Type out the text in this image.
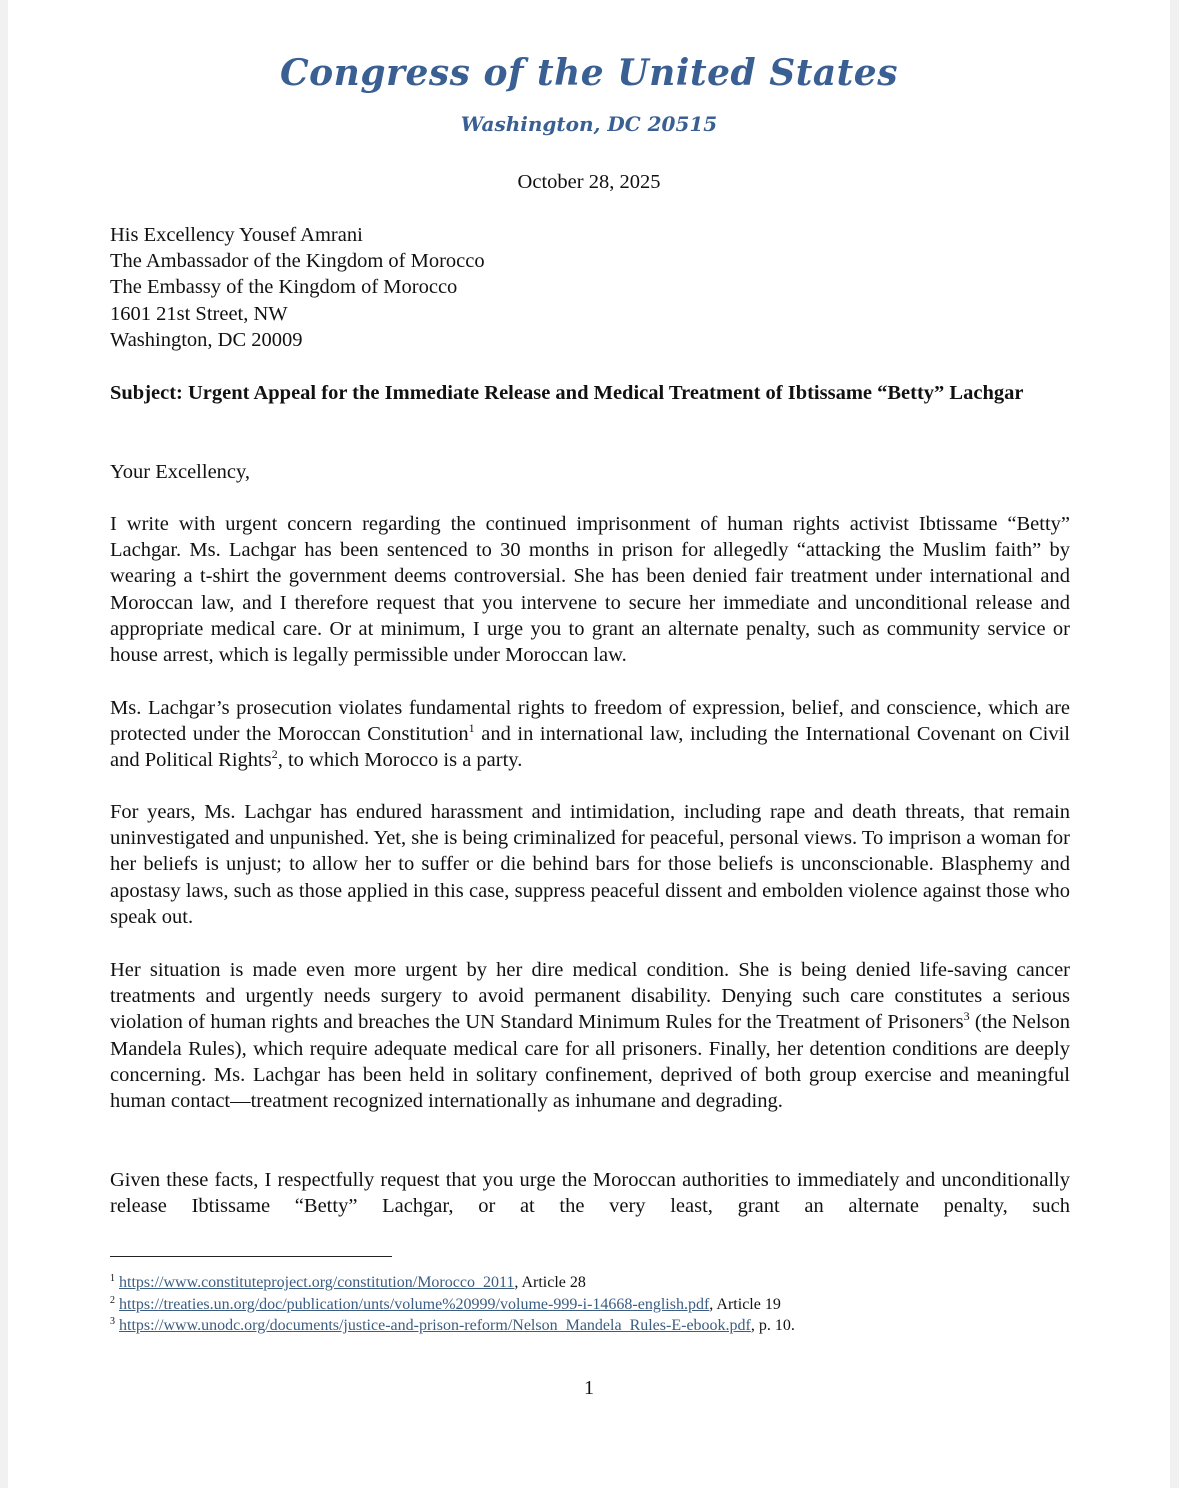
Congress of the United States
Washington, DC 20515
October 28, 2025
His Excellency Yousef Amrani
The Ambassador of the Kingdom of Morocco
The Embassy of the Kingdom of Morocco
1601 21st Street, NW
Washington, DC 20009
Subject: Urgent Appeal for the Immediate Release and Medical Treatment of Ibtissame “Betty” Lachgar
Your Excellency,
I write with urgent concern regarding the continued imprisonment of human rights activist Ibtissame “Betty” Lachgar. Ms. Lachgar has been sentenced to 30 months in prison for allegedly “attacking the Muslim faith” by wearing a t-shirt the government deems controversial. She has been denied fair treatment under international and Moroccan law, and I therefore request that you intervene to secure her immediate and unconditional release and appropriate medical care. Or at minimum, I urge you to grant an alternate penalty, such as community service or house arrest, which is legally permissible under Moroccan law.
Ms. Lachgar’s prosecution violates fundamental rights to freedom of expression, belief, and conscience, which are protected under the Moroccan Constitution$^1$ and in international law, including the International Covenant on Civil and Political Rights$^2$, to which Morocco is a party.
For years, Ms. Lachgar has endured harassment and intimidation, including rape and death threats, that remain uninvestigated and unpunished. Yet, she is being criminalized for peaceful, personal views. To imprison a woman for her beliefs is unjust; to allow her to suffer or die behind bars for those beliefs is unconscionable. Blasphemy and apostasy laws, such as those applied in this case, suppress peaceful dissent and embolden violence against those who speak out.
Her situation is made even more urgent by her dire medical condition. She is being denied life-saving cancer treatments and urgently needs surgery to avoid permanent disability. Denying such care constitutes a serious violation of human rights and breaches the UN Standard Minimum Rules for the Treatment of Prisoners$^3$ (the Nelson Mandela Rules), which require adequate medical care for all prisoners. Finally, her detention conditions are deeply concerning. Ms. Lachgar has been held in solitary confinement, deprived of both group exercise and meaningful human contact—treatment recognized internationally as inhumane and degrading.
Given these facts, I respectfully request that you urge the Moroccan authorities to immediately and unconditionally release Ibtissame “Betty” Lachgar, or at the very least, grant an alternate penalty, such
$^1$ https://www.constituteproject.org/constitution/Morocco_2011, Article 28
$^2$ https://treaties.un.org/doc/publication/unts/volume%20999/volume-999-i-14668-english.pdf, Article 19
$^3$ https://www.unodc.org/documents/justice-and-prison-reform/Nelson_Mandela_Rules-E-ebook.pdf, p. 10.
1
